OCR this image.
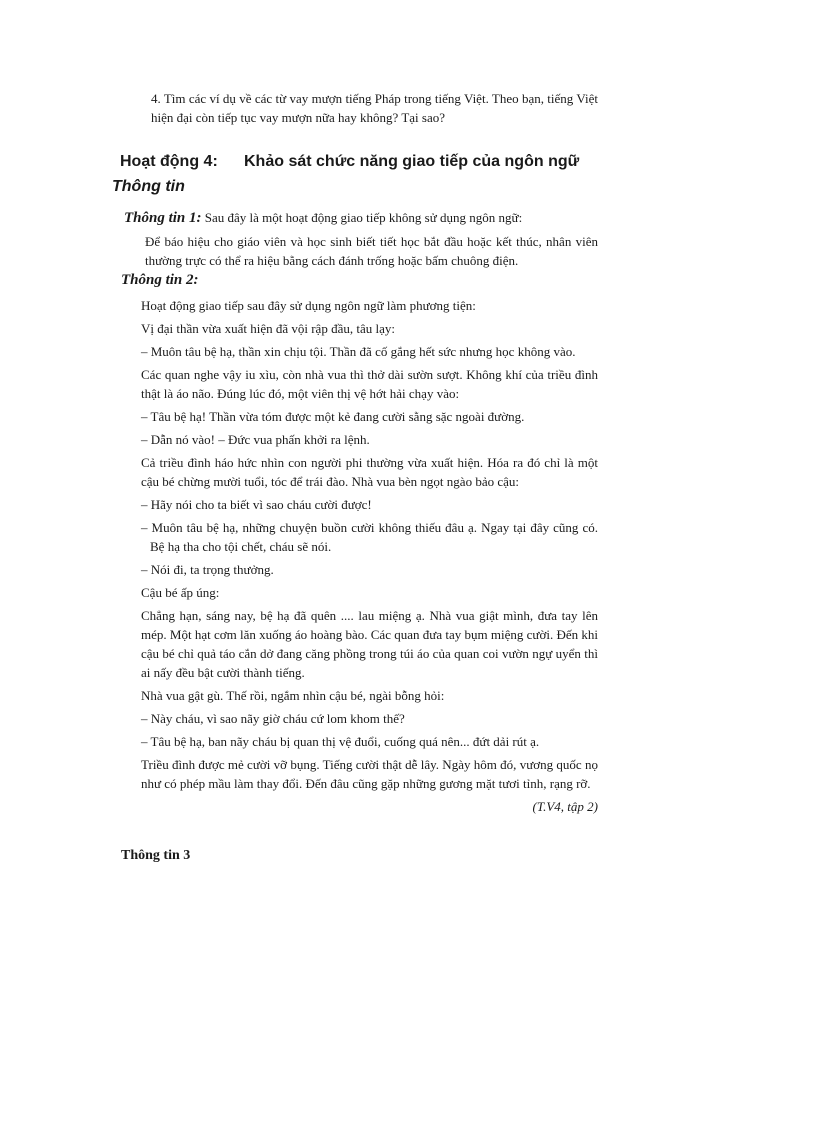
4. Tìm các ví dụ về các từ vay mượn tiếng Pháp trong tiếng Việt. Theo bạn, tiếng Việt hiện đại còn tiếp tục vay mượn nữa hay không? Tại sao?
Hoạt động 4: Khảo sát chức năng giao tiếp của ngôn ngữ
Thông tin
Thông tin 1: Sau đây là một hoạt động giao tiếp không sử dụng ngôn ngữ:
Để báo hiệu cho giáo viên và học sinh biết tiết học bắt đầu hoặc kết thúc, nhân viên thường trực có thể ra hiệu bằng cách đánh trống hoặc bấm chuông điện.
Thông tin 2:

Hoạt động giao tiếp sau đây sử dụng ngôn ngữ làm phương tiện:

Vị đại thần vừa xuất hiện đã vội rập đầu, tâu lạy:

– Muôn tâu bệ hạ, thần xin chịu tội. Thần đã cố gắng hết sức nhưng học không vào.

Các quan nghe vậy iu xìu, còn nhà vua thì thở dài sườn sượt. Không khí của triều đình thật là áo não. Đúng lúc đó, một viên thị vệ hớt hải chạy vào:

– Tâu bệ hạ! Thần vừa tóm được một kẻ đang cười sằng sặc ngoài đường.

– Dẫn nó vào! – Đức vua phấn khởi ra lệnh.

Cả triều đình háo hức nhìn con người phi thường vừa xuất hiện. Hóa ra đó chỉ là một cậu bé chừng mười tuổi, tóc để trái đào. Nhà vua bèn ngọt ngào bảo cậu:

– Hãy nói cho ta biết vì sao cháu cười được!

– Muôn tâu bệ hạ, những chuyện buồn cười không thiếu đâu ạ. Ngay tại đây cũng có. Bệ hạ tha cho tội chết, cháu sẽ nói.

– Nói đi, ta trọng thưởng.

Cậu bé ấp úng:

Chẳng hạn, sáng nay, bệ hạ đã quên .... lau miệng ạ. Nhà vua giật mình, đưa tay lên mép. Một hạt cơm lăn xuống áo hoàng bào. Các quan đưa tay bụm miệng cười. Đến khi cậu bé chỉ quả táo cắn dở đang căng phồng trong túi áo của quan coi vườn ngự uyển thì ai nấy đều bật cười thành tiếng.

Nhà vua gật gù. Thế rồi, ngắm nhìn cậu bé, ngài bỗng hỏi:

– Này cháu, vì sao nãy giờ cháu cứ lom khom thế?

– Tâu bệ hạ, ban nãy cháu bị quan thị vệ đuổi, cuống quá nên... đứt dải rút ạ.

Triều đình được mẻ cười vỡ bụng. Tiếng cười thật dễ lây. Ngày hôm đó, vương quốc nọ như có phép mầu làm thay đổi. Đến đâu cũng gặp những gương mặt tươi tỉnh, rạng rỡ.

(T.V4, tập 2)

Thông tin 3
